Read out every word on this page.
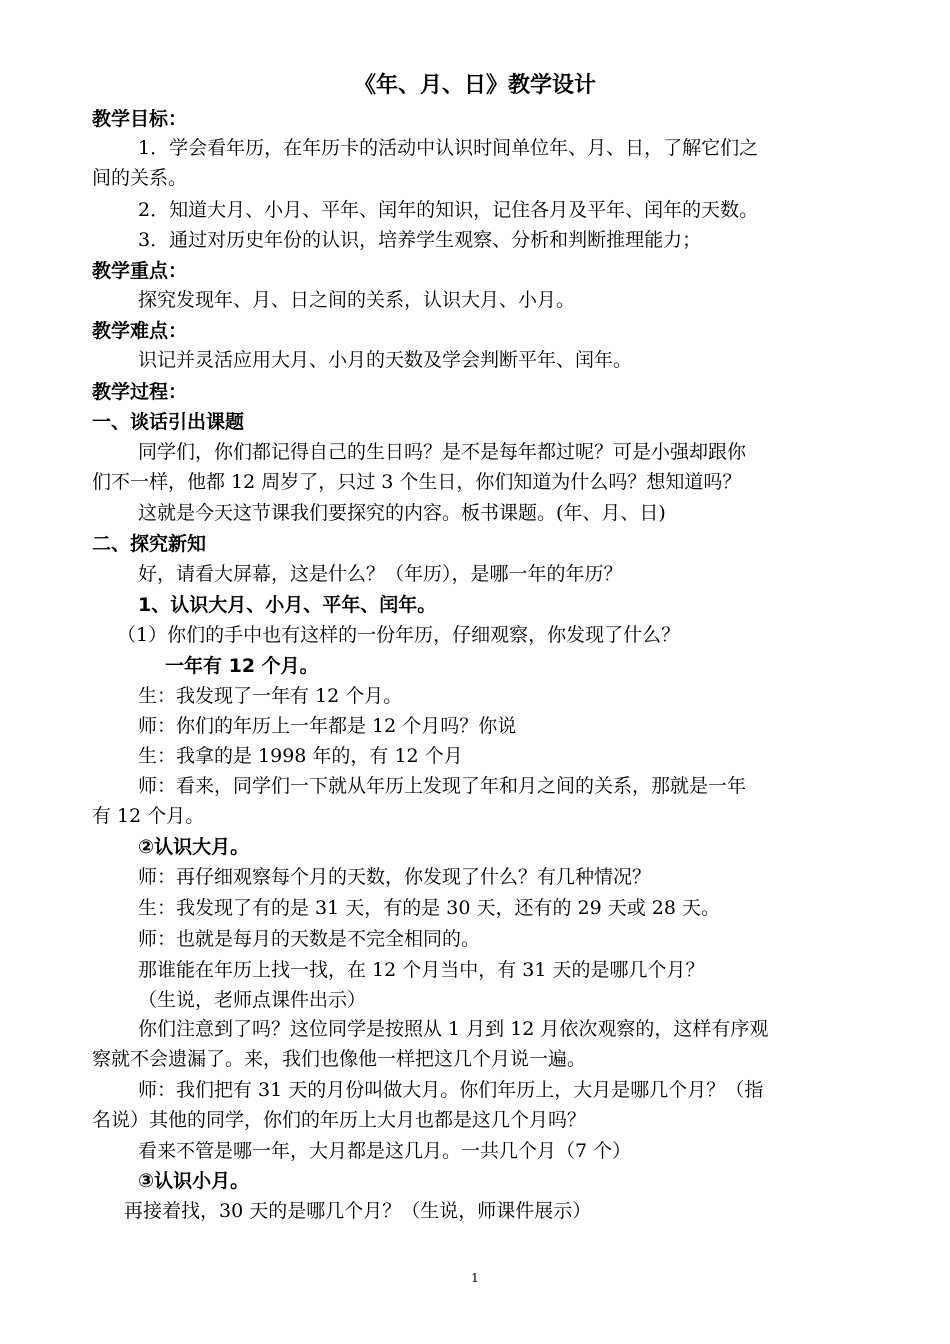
《年、月、日》教学设计
教学目标：
1．学会看年历，在年历卡的活动中认识时间单位年、月、日，了解它们之
间的关系。
2．知道大月、小月、平年、闰年的知识，记住各月及平年、闰年的天数。
3．通过对历史年份的认识，培养学生观察、分析和判断推理能力；
教学重点：
探究发现年、月、日之间的关系，认识大月、小月。
教学难点：
识记并灵活应用大月、小月的天数及学会判断平年、闰年。
教学过程：
一、谈话引出课题
同学们，你们都记得自己的生日吗？是不是每年都过呢？可是小强却跟你
们不一样，他都 12 周岁了，只过 3 个生日，你们知道为什么吗？想知道吗？
这就是今天这节课我们要探究的内容。板书课题。(年、月、日)
二、探究新知
好，请看大屏幕，这是什么？（年历），是哪一年的年历？
1、认识大月、小月、平年、闰年。
（1）你们的手中也有这样的一份年历，仔细观察，你发现了什么？
一年有 12 个月。
生：我发现了一年有 12 个月。
师：你们的年历上一年都是 12 个月吗？你说
生：我拿的是 1998 年的，有 12 个月
师：看来，同学们一下就从年历上发现了年和月之间的关系，那就是一年
有 12 个月。
②认识大月。
师：再仔细观察每个月的天数，你发现了什么？有几种情况？
生：我发现了有的是 31 天，有的是 30 天，还有的 29 天或 28 天。
师：也就是每月的天数是不完全相同的。
那谁能在年历上找一找，在 12 个月当中，有 31 天的是哪几个月？
（生说，老师点课件出示）
你们注意到了吗？这位同学是按照从 1 月到 12 月依次观察的，这样有序观
察就不会遗漏了。来，我们也像他一样把这几个月说一遍。
师：我们把有 31 天的月份叫做大月。你们年历上，大月是哪几个月？（指
名说）其他的同学，你们的年历上大月也都是这几个月吗？
看来不管是哪一年，大月都是这几月。一共几个月（7 个）
③认识小月。
再接着找，30 天的是哪几个月？（生说，师课件展示）
1
